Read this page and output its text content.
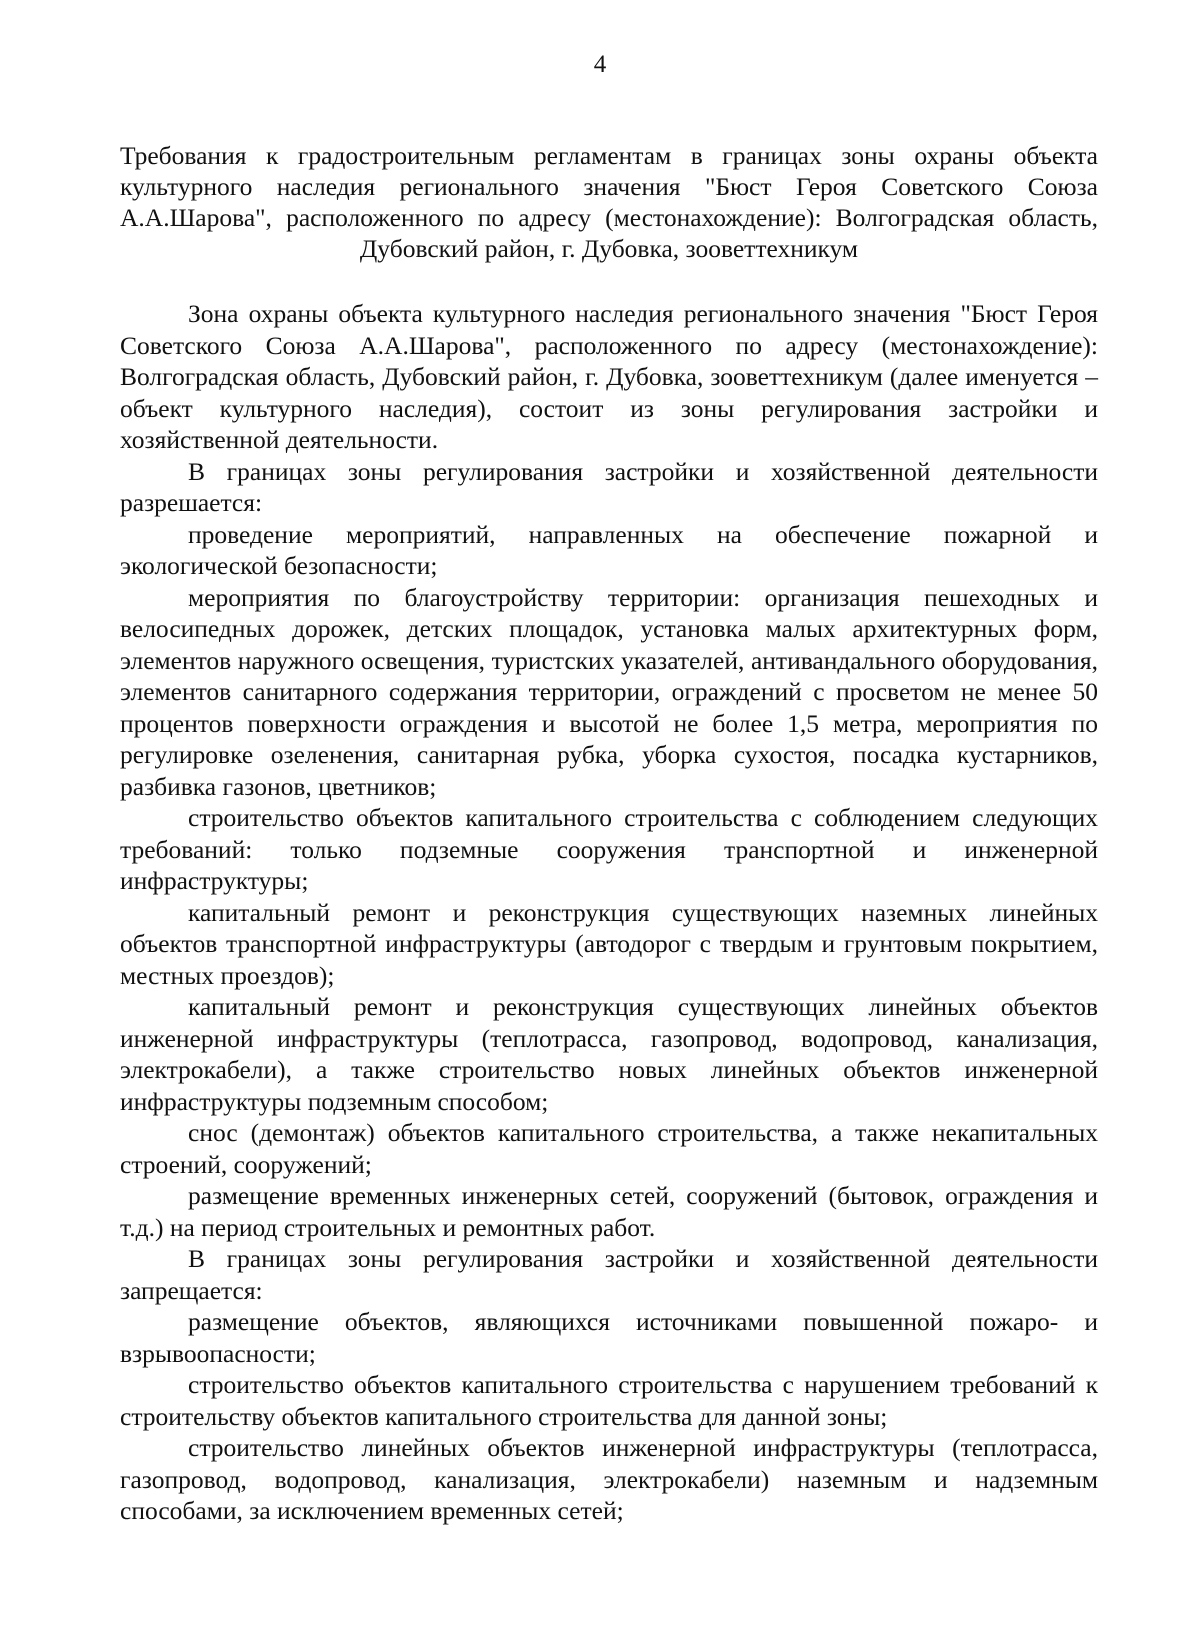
4
Требования к градостроительным регламентам в границах зоны охраны объекта культурного наследия регионального значения "Бюст Героя Советского Союза А.А.Шарова", расположенного по адресу (местонахождение): Волгоградская область, Дубовский район, г. Дубовка, зооветтехникум

Зона охраны объекта культурного наследия регионального значения "Бюст Героя Советского Союза А.А.Шарова", расположенного по адресу (местонахождение): Волгоградская область, Дубовский район, г. Дубовка, зооветтехникум (далее именуется – объект культурного наследия), состоит из зоны регулирования застройки и хозяйственной деятельности.

В границах зоны регулирования застройки и хозяйственной деятельности разрешается:

проведение мероприятий, направленных на обеспечение пожарной и экологической безопасности;

мероприятия по благоустройству территории: организация пешеходных и велосипедных дорожек, детских площадок, установка малых архитектурных форм, элементов наружного освещения, туристских указателей, антивандального оборудования, элементов санитарного содержания территории, ограждений с просветом не менее 50 процентов поверхности ограждения и высотой не более 1,5 метра, мероприятия по регулировке озеленения, санитарная рубка, уборка сухостоя, посадка кустарников, разбивка газонов, цветников;

строительство объектов капитального строительства с соблюдением следующих требований: только подземные сооружения транспортной и инженерной инфраструктуры;

капитальный ремонт и реконструкция существующих наземных линейных объектов транспортной инфраструктуры (автодорог с твердым и грунтовым покрытием, местных проездов);

капитальный ремонт и реконструкция существующих линейных объектов инженерной инфраструктуры (теплотрасса, газопровод, водопровод, канализация, электрокабели), а также строительство новых линейных объектов инженерной инфраструктуры подземным способом;

снос (демонтаж) объектов капитального строительства, а также некапитальных строений, сооружений;

размещение временных инженерных сетей, сооружений (бытовок, ограждения и т.д.) на период строительных и ремонтных работ.

В границах зоны регулирования застройки и хозяйственной деятельности запрещается:

размещение объектов, являющихся источниками повышенной пожаро- и взрывоопасности;

строительство объектов капитального строительства с нарушением требований к строительству объектов капитального строительства для данной зоны;

строительство линейных объектов инженерной инфраструктуры (теплотрасса, газопровод, водопровод, канализация, электрокабели) наземным и надземным способами, за исключением временных сетей;
